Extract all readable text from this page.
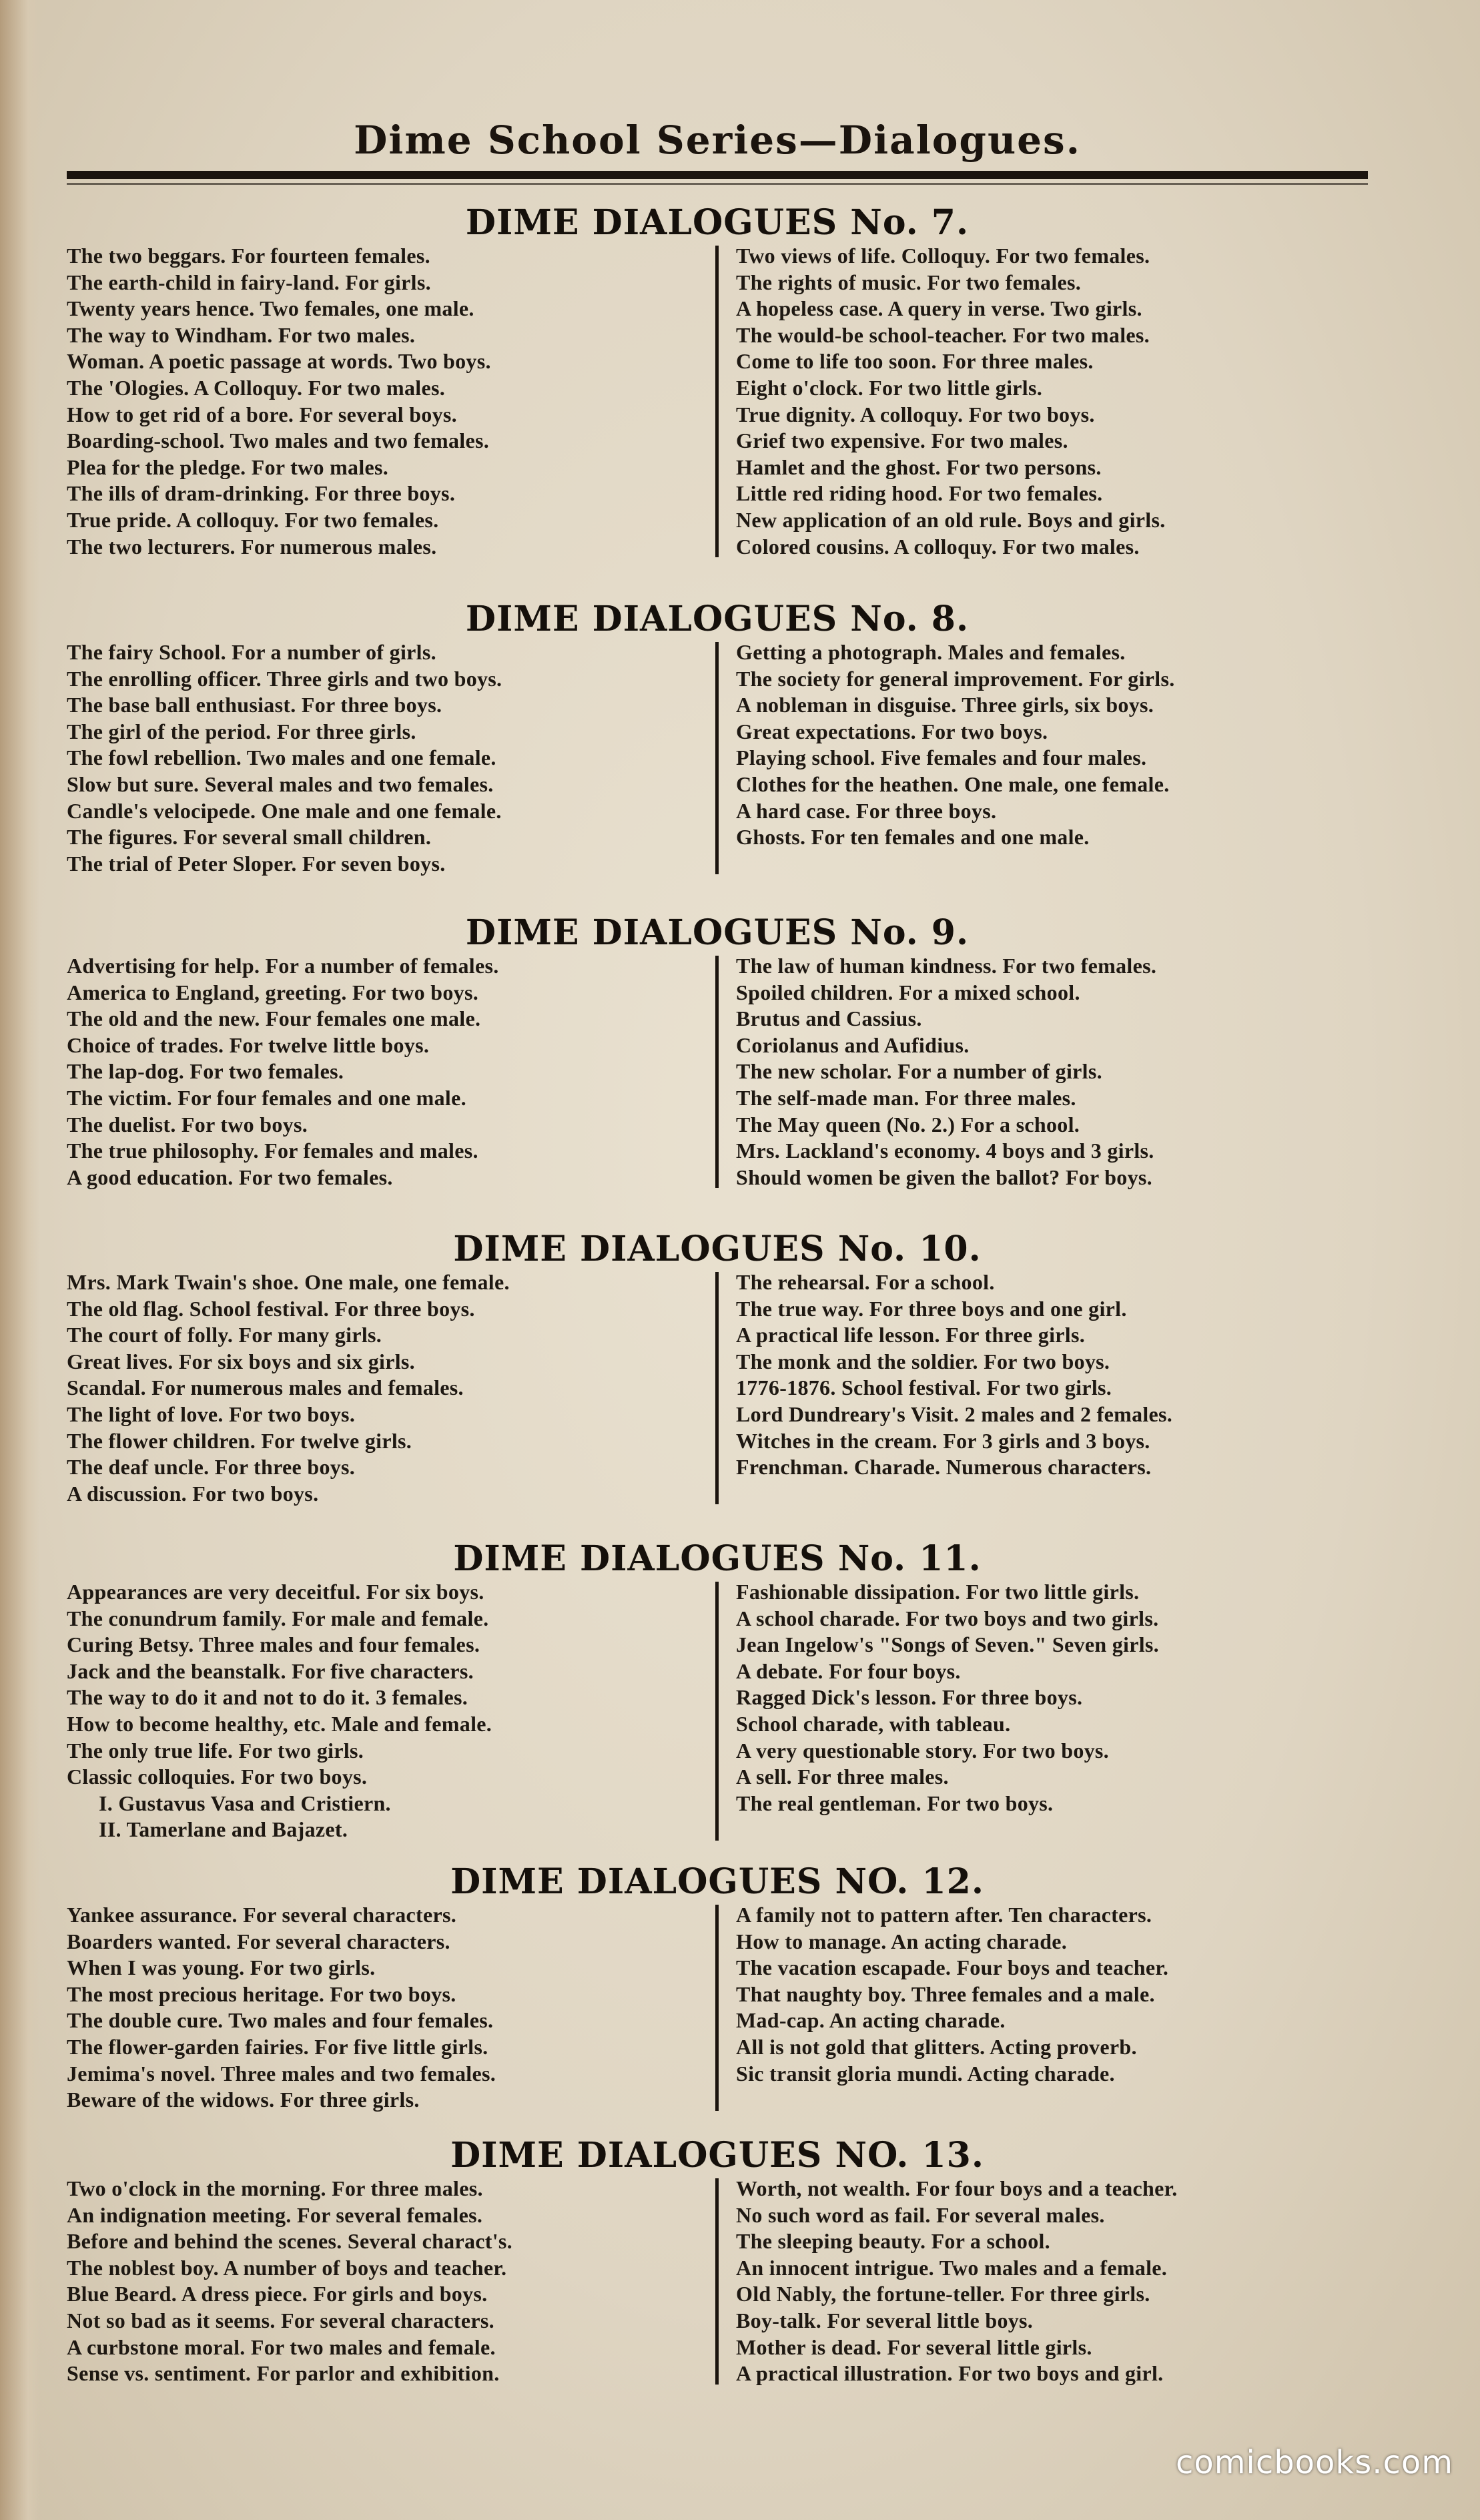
Dime School Series—Dialogues.
DIME DIALOGUES No. 7.
The two beggars. For fourteen females.
The earth-child in fairy-land. For girls.
Twenty years hence. Two females, one male.
The way to Windham. For two males.
Woman. A poetic passage at words. Two boys.
The 'Ologies. A Colloquy. For two males.
How to get rid of a bore. For several boys.
Boarding-school. Two males and two females.
Plea for the pledge. For two males.
The ills of dram-drinking. For three boys.
True pride. A colloquy. For two females.
The two lecturers. For numerous males.
Two views of life. Colloquy. For two females.
The rights of music. For two females.
A hopeless case. A query in verse. Two girls.
The would-be school-teacher. For two males.
Come to life too soon. For three males.
Eight o'clock. For two little girls.
True dignity. A colloquy. For two boys.
Grief two expensive. For two males.
Hamlet and the ghost. For two persons.
Little red riding hood. For two females.
New application of an old rule. Boys and girls.
Colored cousins. A colloquy. For two males.
DIME DIALOGUES No. 8.
The fairy School. For a number of girls.
The enrolling officer. Three girls and two boys.
The base ball enthusiast. For three boys.
The girl of the period. For three girls.
The fowl rebellion. Two males and one female.
Slow but sure. Several males and two females.
Candle's velocipede. One male and one female.
The figures. For several small children.
The trial of Peter Sloper. For seven boys.
Getting a photograph. Males and females.
The society for general improvement. For girls.
A nobleman in disguise. Three girls, six boys.
Great expectations. For two boys.
Playing school. Five females and four males.
Clothes for the heathen. One male, one female.
A hard case. For three boys.
Ghosts. For ten females and one male.
DIME DIALOGUES No. 9.
Advertising for help. For a number of females.
America to England, greeting. For two boys.
The old and the new. Four females one male.
Choice of trades. For twelve little boys.
The lap-dog. For two females.
The victim. For four females and one male.
The duelist. For two boys.
The true philosophy. For females and males.
A good education. For two females.
The law of human kindness. For two females.
Spoiled children. For a mixed school.
Brutus and Cassius.
Coriolanus and Aufidius.
The new scholar. For a number of girls.
The self-made man. For three males.
The May queen (No. 2.) For a school.
Mrs. Lackland's economy. 4 boys and 3 girls.
Should women be given the ballot? For boys.
DIME DIALOGUES No. 10.
Mrs. Mark Twain's shoe. One male, one female.
The old flag. School festival. For three boys.
The court of folly. For many girls.
Great lives. For six boys and six girls.
Scandal. For numerous males and females.
The light of love. For two boys.
The flower children. For twelve girls.
The deaf uncle. For three boys.
A discussion. For two boys.
The rehearsal. For a school.
The true way. For three boys and one girl.
A practical life lesson. For three girls.
The monk and the soldier. For two boys.
1776-1876. School festival. For two girls.
Lord Dundreary's Visit. 2 males and 2 females.
Witches in the cream. For 3 girls and 3 boys.
Frenchman. Charade. Numerous characters.
DIME DIALOGUES No. 11.
Appearances are very deceitful. For six boys.
The conundrum family. For male and female.
Curing Betsy. Three males and four females.
Jack and the beanstalk. For five characters.
The way to do it and not to do it. 3 females.
How to become healthy, etc. Male and female.
The only true life. For two girls.
Classic colloquies. For two boys.
I. Gustavus Vasa and Cristiern.
II. Tamerlane and Bajazet.
Fashionable dissipation. For two little girls.
A school charade. For two boys and two girls.
Jean Ingelow's "Songs of Seven." Seven girls.
A debate. For four boys.
Ragged Dick's lesson. For three boys.
School charade, with tableau.
A very questionable story. For two boys.
A sell. For three males.
The real gentleman. For two boys.
DIME DIALOGUES NO. 12.
Yankee assurance. For several characters.
Boarders wanted. For several characters.
When I was young. For two girls.
The most precious heritage. For two boys.
The double cure. Two males and four females.
The flower-garden fairies. For five little girls.
Jemima's novel. Three males and two females.
Beware of the widows. For three girls.
A family not to pattern after. Ten characters.
How to manage. An acting charade.
The vacation escapade. Four boys and teacher.
That naughty boy. Three females and a male.
Mad-cap. An acting charade.
All is not gold that glitters. Acting proverb.
Sic transit gloria mundi. Acting charade.
DIME DIALOGUES NO. 13.
Two o'clock in the morning. For three males.
An indignation meeting. For several females.
Before and behind the scenes. Several charact's.
The noblest boy. A number of boys and teacher.
Blue Beard. A dress piece. For girls and boys.
Not so bad as it seems. For several characters.
A curbstone moral. For two males and female.
Sense vs. sentiment. For parlor and exhibition.
Worth, not wealth. For four boys and a teacher.
No such word as fail. For several males.
The sleeping beauty. For a school.
An innocent intrigue. Two males and a female.
Old Nably, the fortune-teller. For three girls.
Boy-talk. For several little boys.
Mother is dead. For several little girls.
A practical illustration. For two boys and girl.
comicbooks.com
